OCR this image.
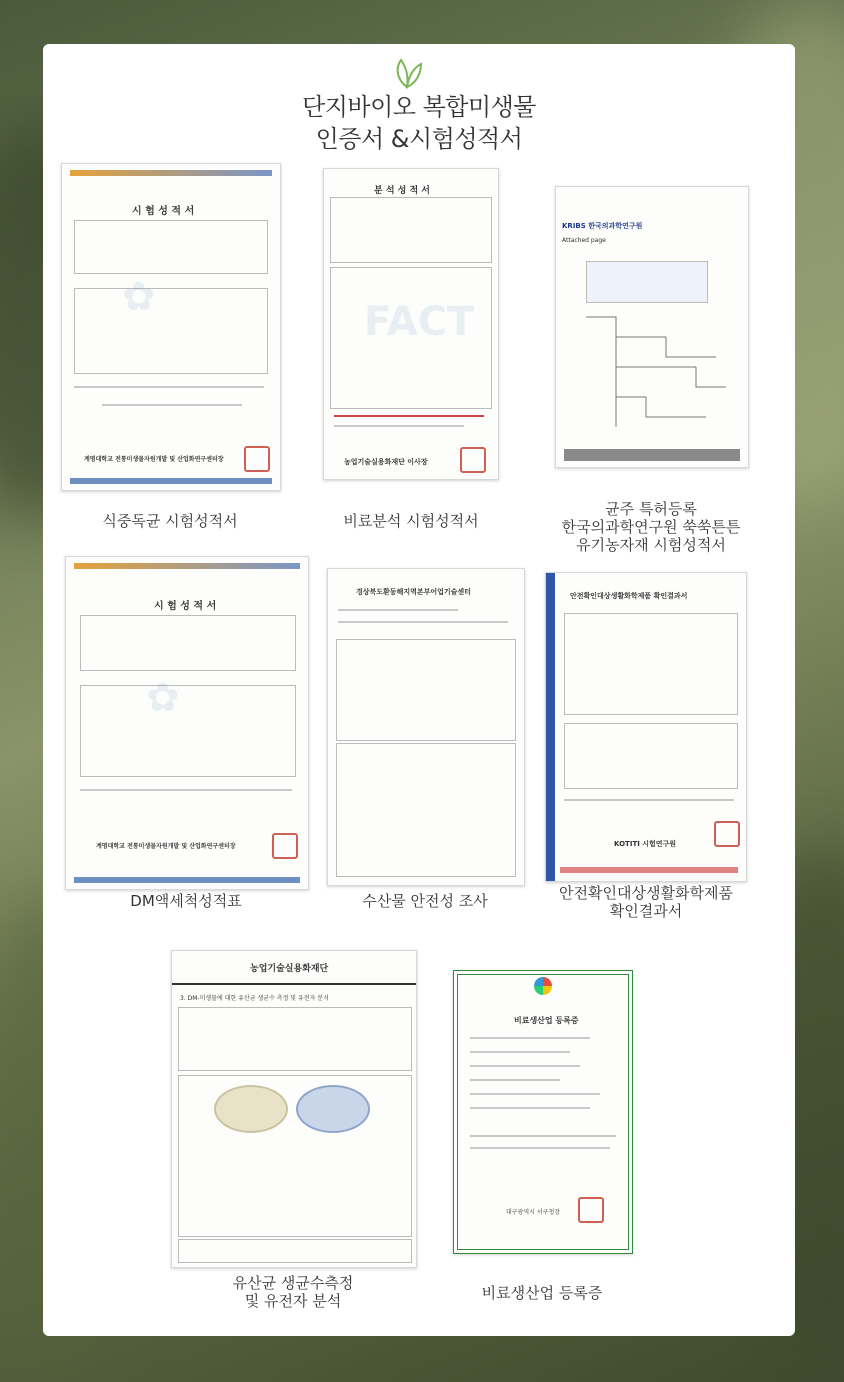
단지바이오 복합미생물
인증서 &시험성적서
시 험 성 적 서
✿
계명대학교 전통미생물자원개발 및 산업화연구센터장
식중독균 시험성적서
분 석 성 적 서
FACT
농업기술실용화재단 이사장
비료분석 시험성적서
KRIBS 한국의과학연구원
Attached page
균주 특허등록
한국의과학연구원 쑥쑥튼튼
유기농자재 시험성적서
시 험 성 적 서
✿
계명대학교 전통미생물자원개발 및 산업화연구센터장
DM액세척성적표
경상북도환동해지역본부어업기술센터
수산물 안전성 조사
안전확인대상생활화학제품 확인결과서
KOTITI 시험연구원
안전확인대상생활화학제품
확인결과서
농업기술실용화재단
3. DM-미생물에 대한 유산균 생균수 측정 및 유전자 분석
유산균 생균수측정
및 유전자 분석
비료생산업 등록증
대구광역시 서구청장
비료생산업 등록증
